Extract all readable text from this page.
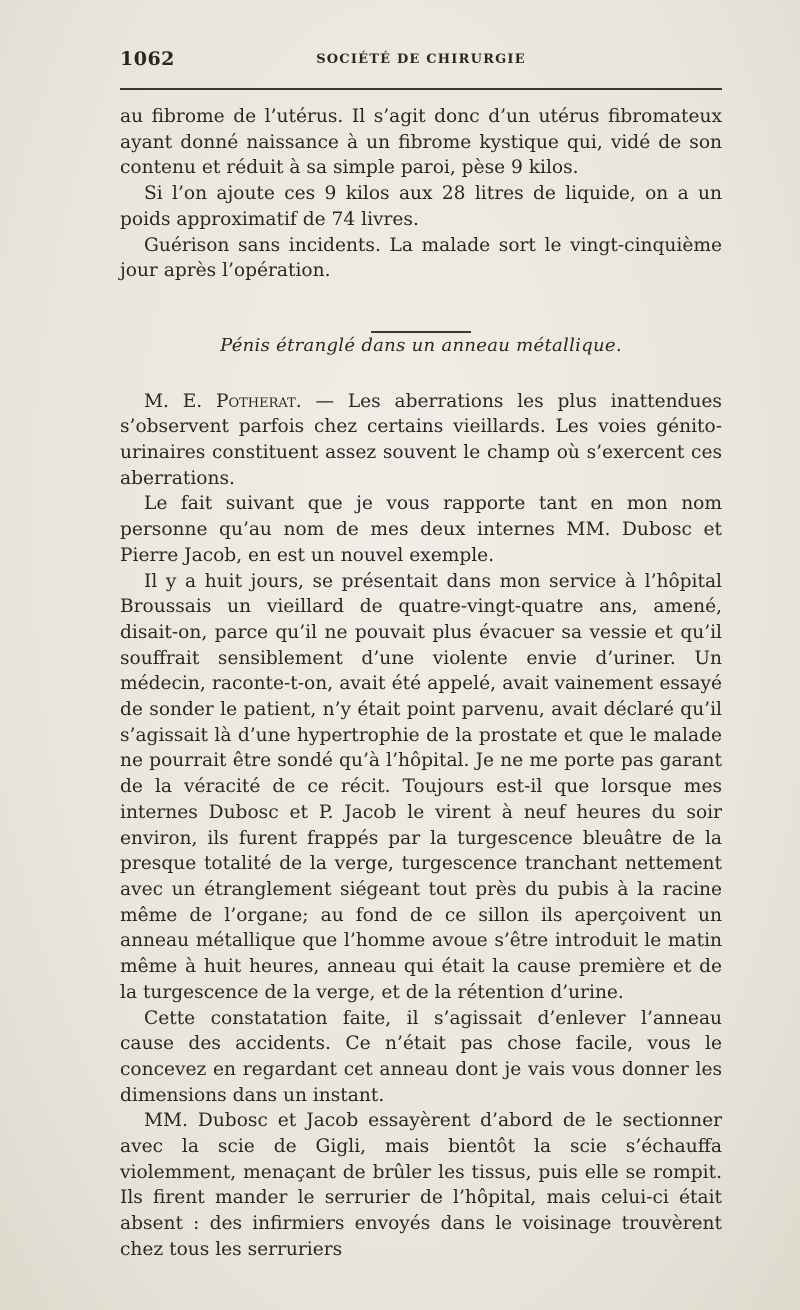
1062	SOCIÉTÉ DE CHIRURGIE

au fibrome de l’utérus. Il s’agit donc d’un utérus fibromateux ayant donné naissance à un fibrome kystique qui, vidé de son contenu et réduit à sa simple paroi, pèse 9 kilos.

Si l’on ajoute ces 9 kilos aux 28 litres de liquide, on a un poids approximatif de 74 livres.

Guérison sans incidents. La malade sort le vingt-cinquième jour après l’opération.

Pénis étranglé dans un anneau métallique.

M. E. Potherat. — Les aberrations les plus inattendues s’observent parfois chez certains vieillards. Les voies génito-urinaires constituent assez souvent le champ où s’exercent ces aberrations.

Le fait suivant que je vous rapporte tant en mon nom personne qu’au nom de mes deux internes MM. Dubosc et Pierre Jacob, en est un nouvel exemple.

Il y a huit jours, se présentait dans mon service à l’hôpital Broussais un vieillard de quatre-vingt-quatre ans, amené, disait-on, parce qu’il ne pouvait plus évacuer sa vessie et qu’il souffrait sensiblement d’une violente envie d’uriner. Un médecin, raconte-t-on, avait été appelé, avait vainement essayé de sonder le patient, n’y était point parvenu, avait déclaré qu’il s’agissait là d’une hypertrophie de la prostate et que le malade ne pourrait être sondé qu’à l’hôpital. Je ne me porte pas garant de la véracité de ce récit. Toujours est-il que lorsque mes internes Dubosc et P. Jacob le virent à neuf heures du soir environ, ils furent frappés par la turgescence bleuâtre de la presque totalité de la verge, turgescence tranchant nettement avec un étranglement siégeant tout près du pubis à la racine même de l’organe; au fond de ce sillon ils aperçoivent un anneau métallique que l’homme avoue s’être introduit le matin même à huit heures, anneau qui était la cause première et de la turgescence de la verge, et de la rétention d’urine.

Cette constatation faite, il s’agissait d’enlever l’anneau cause des accidents. Ce n’était pas chose facile, vous le concevez en regardant cet anneau dont je vais vous donner les dimensions dans un instant.

MM. Dubosc et Jacob essayèrent d’abord de le sectionner avec la scie de Gigli, mais bientôt la scie s’échauffa violemment, menaçant de brûler les tissus, puis elle se rompit. Ils firent mander le serrurier de l’hôpital, mais celui-ci était absent : des infirmiers envoyés dans le voisinage trouvèrent chez tous les serruriers
